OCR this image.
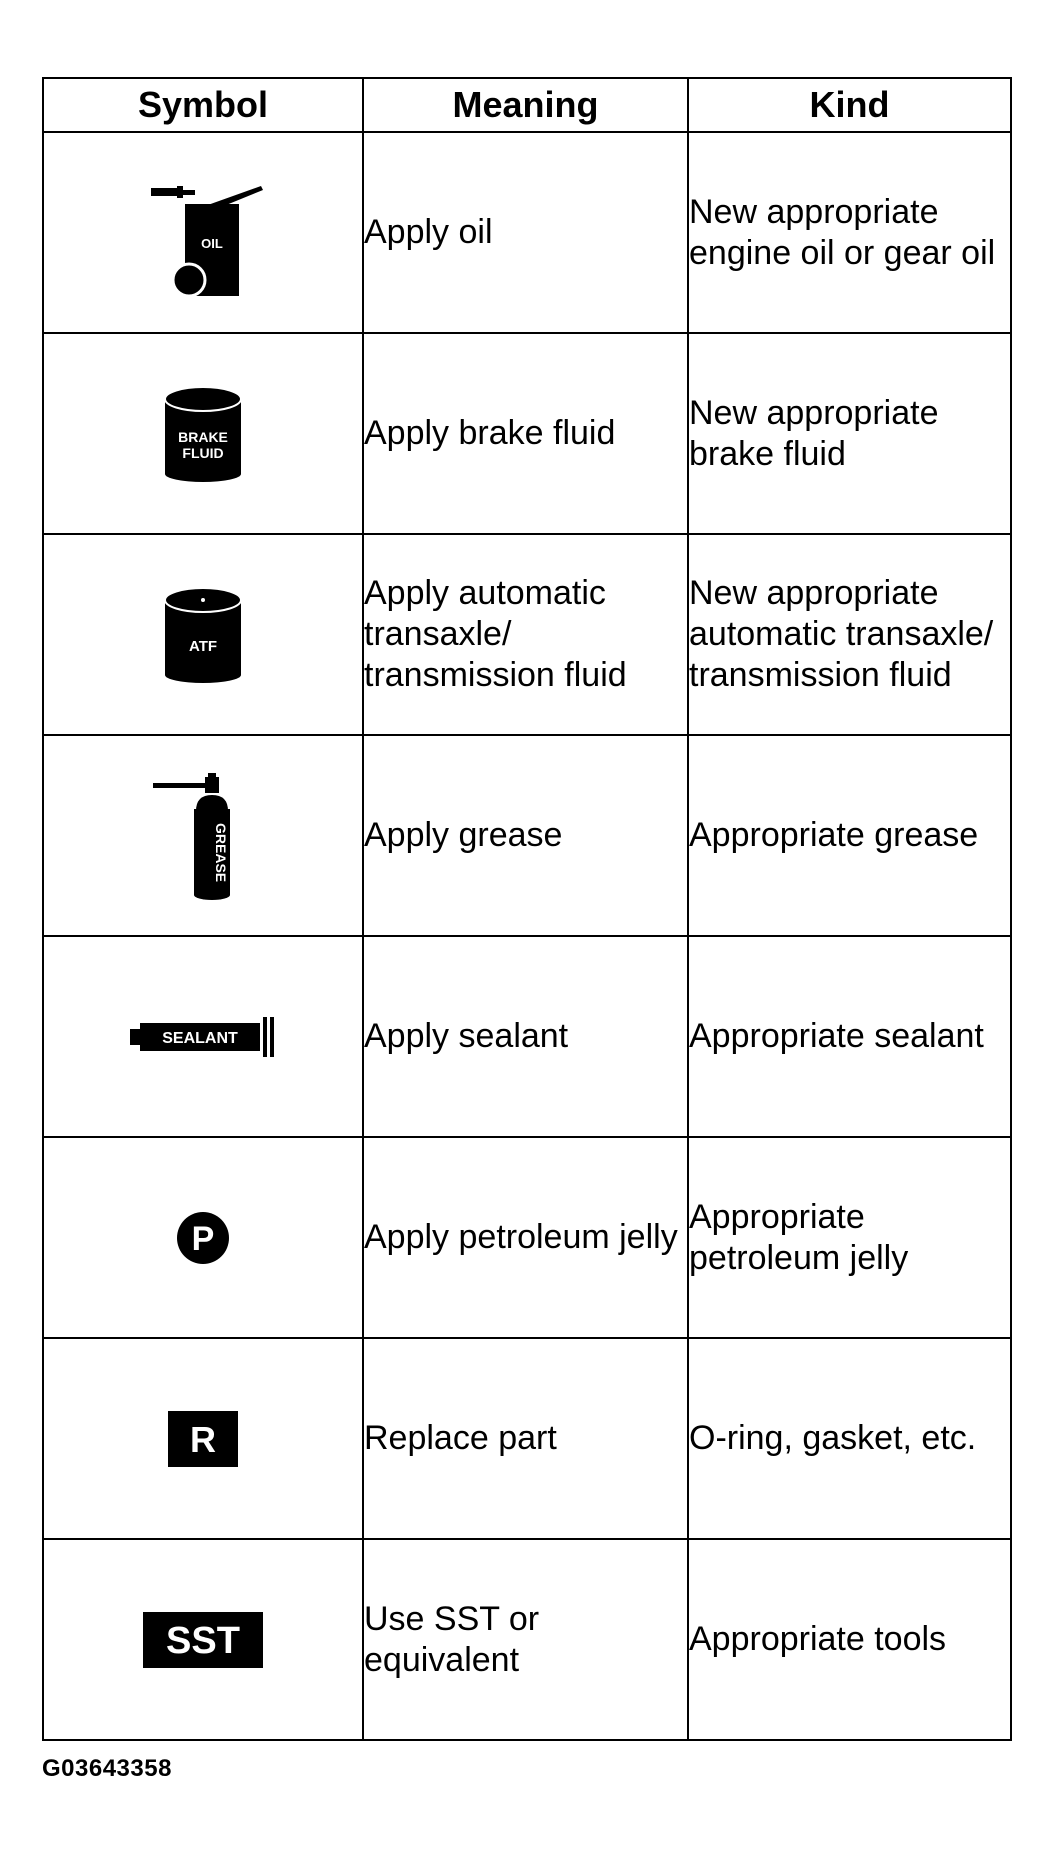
Symbol	Meaning	Kind

OIL	Apply oil	New appropriate engine oil or gear oil

BRAKE
FLUID	Apply brake fluid	New appropriate brake fluid

ATF	Apply automatic transaxle/ transmission fluid	New appropriate automatic transaxle/ transmission fluid

GREASE	Apply grease	Appropriate grease

SEALANT	Apply sealant	Appropriate sealant

P	Apply petroleum jelly	Appropriate petroleum jelly

R	Replace part	O-ring, gasket, etc.

SST	Use SST or equivalent	Appropriate tools
G03643358
